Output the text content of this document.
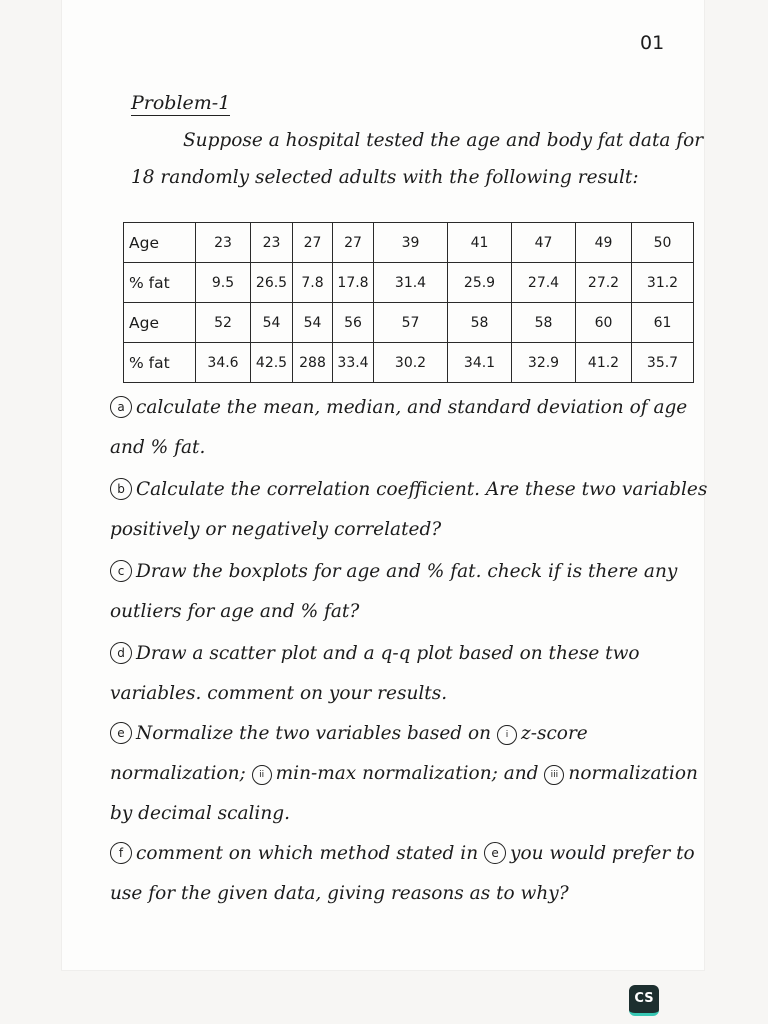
01
Problem-1
Suppose a hospital tested the age and body fat data for 18 randomly selected adults with the following result:
Age	23	23	27	27	39	41	47	49	50
% fat	9.5	26.5	7.8	17.8	31.4	25.9	27.4	27.2	31.2
Age	52	54	54	56	57	58	58	60	61
% fat	34.6	42.5	288	33.4	30.2	34.1	32.9	41.2	35.7

a calculate the mean, median, and standard deviation of age and % fat.

b Calculate the correlation coefficient. Are these two variables positively or negatively correlated?

c Draw the boxplots for age and % fat. check if is there any outliers for age and % fat?

d Draw a scatter plot and a q-q plot based on these two variables. comment on your results.

e Normalize the two variables based on i z-score normalization; ii min-max normalization; and iii normalization by decimal scaling.

f comment on which method stated in e you would prefer to use for the given data, giving reasons as to why?

CS
